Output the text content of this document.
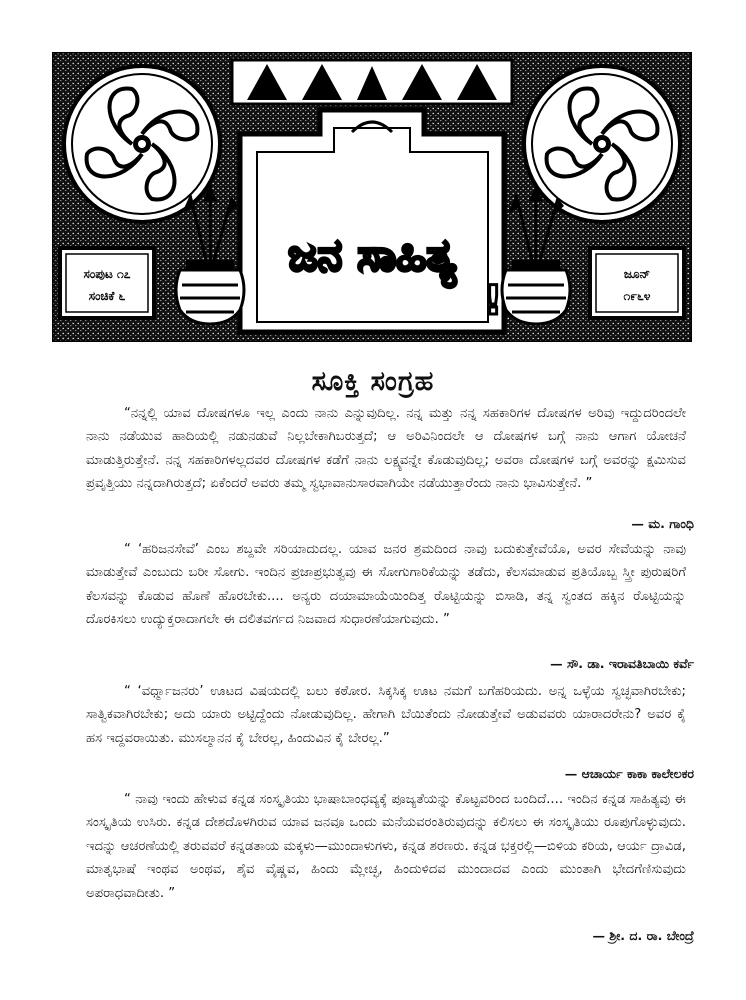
ಜನ ಸಾಹಿತ್ಯ
!
ಸಂಪುಟ ೧೭
ಸಂಚಿಕೆ ೬
ಜೂನ್
೧೯೬೪
ಸೂಕ್ತಿ ಸಂಗ್ರಹ

“ನನ್ನಲ್ಲಿ ಯಾವ ದೋಷಗಳೂ ಇಲ್ಲ ಎಂದು ನಾನು ಎನ್ನುವುದಿಲ್ಲ. ನನ್ನ ಮತ್ತು ನನ್ನ ಸಹಕಾರಿಗಳ ದೋಷಗಳ ಅರಿವು ಇದ್ದುದರಿಂದಲೇ ನಾನು ನಡೆಯುವ ಹಾದಿಯಲ್ಲಿ ನಡುನಡುವೆ ನಿಲ್ಲಬೇಕಾಗಿಬರುತ್ತದೆ; ಆ ಅರಿವಿನಿಂದಲೇ ಆ ದೋಷಗಳ ಬಗ್ಗೆ ನಾನು ಆಗಾಗ ಯೋಚನೆ ಮಾಡುತ್ತಿರುತ್ತೇನೆ. ನನ್ನ ಸಹಕಾರಿಗಳಲ್ಲದವರ ದೋಷಗಳ ಕಡೆಗೆ ನಾನು ಲಕ್ಷ್ಯವನ್ನೇ ಕೊಡುವುದಿಲ್ಲ; ಅವರಾ ದೋಷಗಳ ಬಗ್ಗೆ ಅವರನ್ನು ಕ್ಷಮಿಸುವ ಪ್ರವೃತ್ತಿಯು ನನ್ನದಾಗಿರುತ್ತದೆ; ಏಕೆಂದರೆ ಅವರು ತಮ್ಮ ಸ್ವಭಾವಾನುಸಾರವಾಗಿಯೇ ನಡೆಯುತ್ತಾರೆಂದು ನಾನು ಭಾವಿಸುತ್ತೇನೆ. ”

— ಮ. ಗಾಂಧಿ

“ ‘ಹರಿಜನಸೇವೆ’ ಎಂಬ ಶಬ್ದವೇ ಸರಿಯಾದುದಲ್ಲ. ಯಾವ ಜನರ ಶ್ರಮದಿಂದ ನಾವು ಬದುಕುತ್ತೇವೆಯೊ, ಅವರ ಸೇವೆಯನ್ನು ನಾವು ಮಾಡುತ್ತೇವೆ ಎಂಬುದು ಬರೀ ಸೋಗು. ಇಂದಿನ ಪ್ರಜಾಪ್ರಭುತ್ವವು ಈ ಸೋಗುಗಾರಿಕೆಯನ್ನು ತಡೆದು, ಕೆಲಸಮಾಡುವ ಪ್ರತಿಯೊಬ್ಬ ಸ್ತ್ರೀ ಪುರುಷರಿಗೆ ಕೆಲಸವನ್ನು ಕೊಡುವ ಹೊಣೆ ಹೊರಬೇಕು.... ಅನ್ಯರು ದಯಾಮಾಯೆಯಿಂದಿತ್ತ ರೊಟ್ಟಿಯನ್ನು ಬಿಸಾಡಿ, ತನ್ನ ಸ್ವಂತದ ಹಕ್ಕಿನ ರೊಟ್ಟಿಯನ್ನು ದೊರಕಿಸಲು ಉದ್ಯುಕ್ತರಾದಾಗಲೇ ಈ ದಲಿತವರ್ಗದ ನಿಜವಾದ ಸುಧಾರಣೆಯಾಗುವುದು. ”

— ಸೌ. ಡಾ. ಇರಾವತಿಬಾಯಿ ಕರ್ವೆ

“ ‘ವರ್ಧ್ಮಾಜನರು’ ಊಟದ ವಿಷಯದಲ್ಲಿ ಬಲು ಕಠೋರ. ಸಿಕ್ಕಸಿಕ್ಕ ಊಟ ನಮಗೆ ಬಗೆಹರಿಯದು. ಅನ್ನ ಒಳ್ಳೆಯ ಸ್ವಚ್ಛವಾಗಿರಬೇಕು; ಸಾತ್ವಿಕವಾಗಿರಬೇಕು; ಅದು ಯಾರು ಅಟ್ಟಿದ್ದೆಂದು ನೋಡುವುದಿಲ್ಲ. ಹೇಗಾಗಿ ಬೆಯಿತೆಂದು ನೋಡುತ್ತೇವೆ ಅಡುವವರು ಯಾರಾದರೇನು? ಅವರ ಕೈ ಹಸ ಇದ್ದವರಾಯಿತು. ಮುಸಲ್ಮಾನನ ಕೈ ಬೇರಲ್ಲ, ಹಿಂದುವಿನ ಕೈ ಬೇರಲ್ಲ.”

— ಆಚಾರ್ಯ ಕಾಕಾ ಕಾಲೇಲಕರ

“ ನಾವು ಇಂದು ಹೇಳುವ ಕನ್ನಡ ಸಂಸ್ಕೃತಿಯು ಭಾಷಾಬಾಂಧವ್ಯಕ್ಕೆ ಪೂಜ್ಯತೆಯನ್ನು ಕೊಟ್ಟವರಿಂದ ಬಂದಿದೆ.... ಇಂದಿನ ಕನ್ನಡ ಸಾಹಿತ್ಯವು ಈ ಸಂಸ್ಕೃತಿಯ ಉಸಿರು. ಕನ್ನಡ ದೇಶದೊಳಗಿರುವ ಯಾವ ಜನವೂ ಒಂದು ಮನೆಯವರಂತಿರುವುದನ್ನು ಕಲಿಸಲು ಈ ಸಂಸ್ಕೃತಿಯು ರೂಪುಗೊಳ್ಳುವುದು. ಇದನ್ನು ಆಚರಣೆಯಲ್ಲಿ ತರುವವರೆ ಕನ್ನಡತಾಯ ಮಕ್ಕಳು—ಮುಂದಾಳುಗಳು, ಕನ್ನಡ ಶರಣರು. ಕನ್ನಡ ಭಕ್ತರಲ್ಲಿ—ಬಿಳಿಯ ಕರಿಯ, ಆರ್ಯ ದ್ರಾವಿಡ, ಮಾತೃಭಾಷೆ ಇಂಥವ ಅಂಥವ, ಶೈವ ವೈಷ್ಣವ, ಹಿಂದು ಮ್ಲೇಚ್ಛ, ಹಿಂದುಳಿದವ ಮುಂದಾದವ ಎಂದು ಮುಂತಾಗಿ ಭೇದಗೆಣಿಸುವುದು ಅಪರಾಧವಾದೀತು. ”

— ಶ್ರೀ. ದ. ರಾ. ಬೇಂದ್ರೆ
